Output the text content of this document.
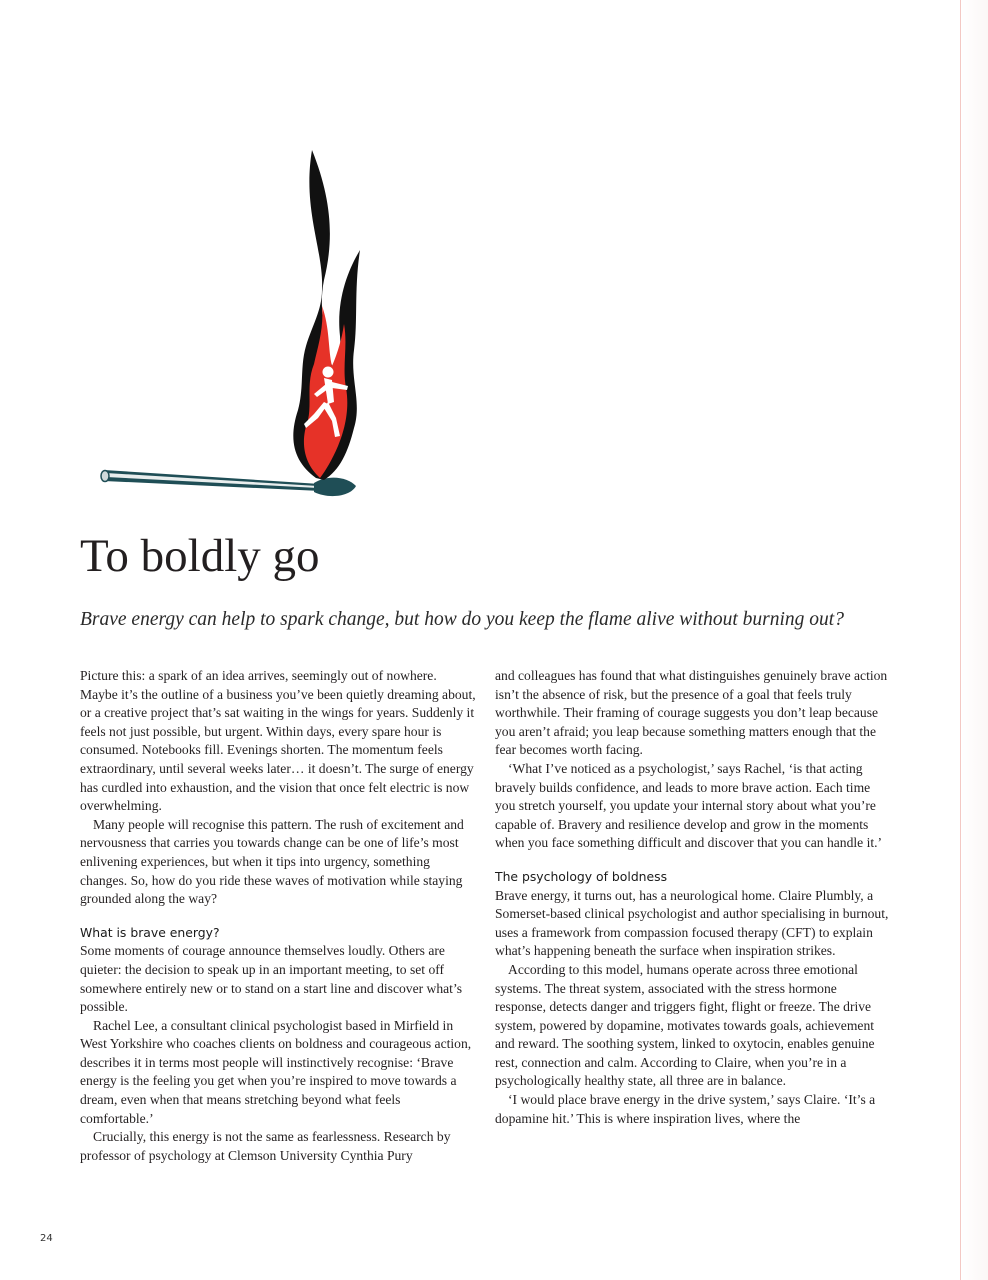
To boldly go

Brave energy can help to spark change, but how do you keep the flame alive without burning out?

Picture this: a spark of an idea arrives, seemingly out of nowhere. Maybe it’s the outline of a business you’ve been quietly dreaming about, or a creative project that’s sat waiting in the wings for years. Suddenly it feels not just possible, but urgent. Within days, every spare hour is consumed. Notebooks fill. Evenings shorten. The momentum feels extraordinary, until several weeks later… it doesn’t. The surge of energy has curdled into exhaustion, and the vision that once felt electric is now overwhelming.

Many people will recognise this pattern. The rush of excitement and nervousness that carries you towards change can be one of life’s most enlivening experiences, but when it tips into urgency, something changes. So, how do you ride these waves of motivation while staying grounded along the way?

What is brave energy?

Some moments of courage announce themselves loudly. Others are quieter: the decision to speak up in an important meeting, to set off somewhere entirely new or to stand on a start line and discover what’s possible.

Rachel Lee, a consultant clinical psychologist based in Mirfield in West Yorkshire who coaches clients on boldness and courageous action, describes it in terms most people will instinctively recognise: ‘Brave energy is the feeling you get when you’re inspired to move towards a dream, even when that means stretching beyond what feels comfortable.’

Crucially, this energy is not the same as fearlessness. Research by professor of psychology at Clemson University Cynthia Pury

and colleagues has found that what distinguishes genuinely brave action isn’t the absence of risk, but the presence of a goal that feels truly worthwhile. Their framing of courage suggests you don’t leap because you aren’t afraid; you leap because something matters enough that the fear becomes worth facing.

‘What I’ve noticed as a psychologist,’ says Rachel, ‘is that acting bravely builds confidence, and leads to more brave action. Each time you stretch yourself, you update your internal story about what you’re capable of. Bravery and resilience develop and grow in the moments when you face something difficult and discover that you can handle it.’

The psychology of boldness

Brave energy, it turns out, has a neurological home. Claire Plumbly, a Somerset-based clinical psychologist and author specialising in burnout, uses a framework from compassion focused therapy (CFT) to explain what’s happening beneath the surface when inspiration strikes.

According to this model, humans operate across three emotional systems. The threat system, associated with the stress hormone response, detects danger and triggers fight, flight or freeze. The drive system, powered by dopamine, motivates towards goals, achievement and reward. The soothing system, linked to oxytocin, enables genuine rest, connection and calm. According to Claire, when you’re in a psychologically healthy state, all three are in balance.

‘I would place brave energy in the drive system,’ says Claire. ‘It’s a dopamine hit.’ This is where inspiration lives, where the

24
